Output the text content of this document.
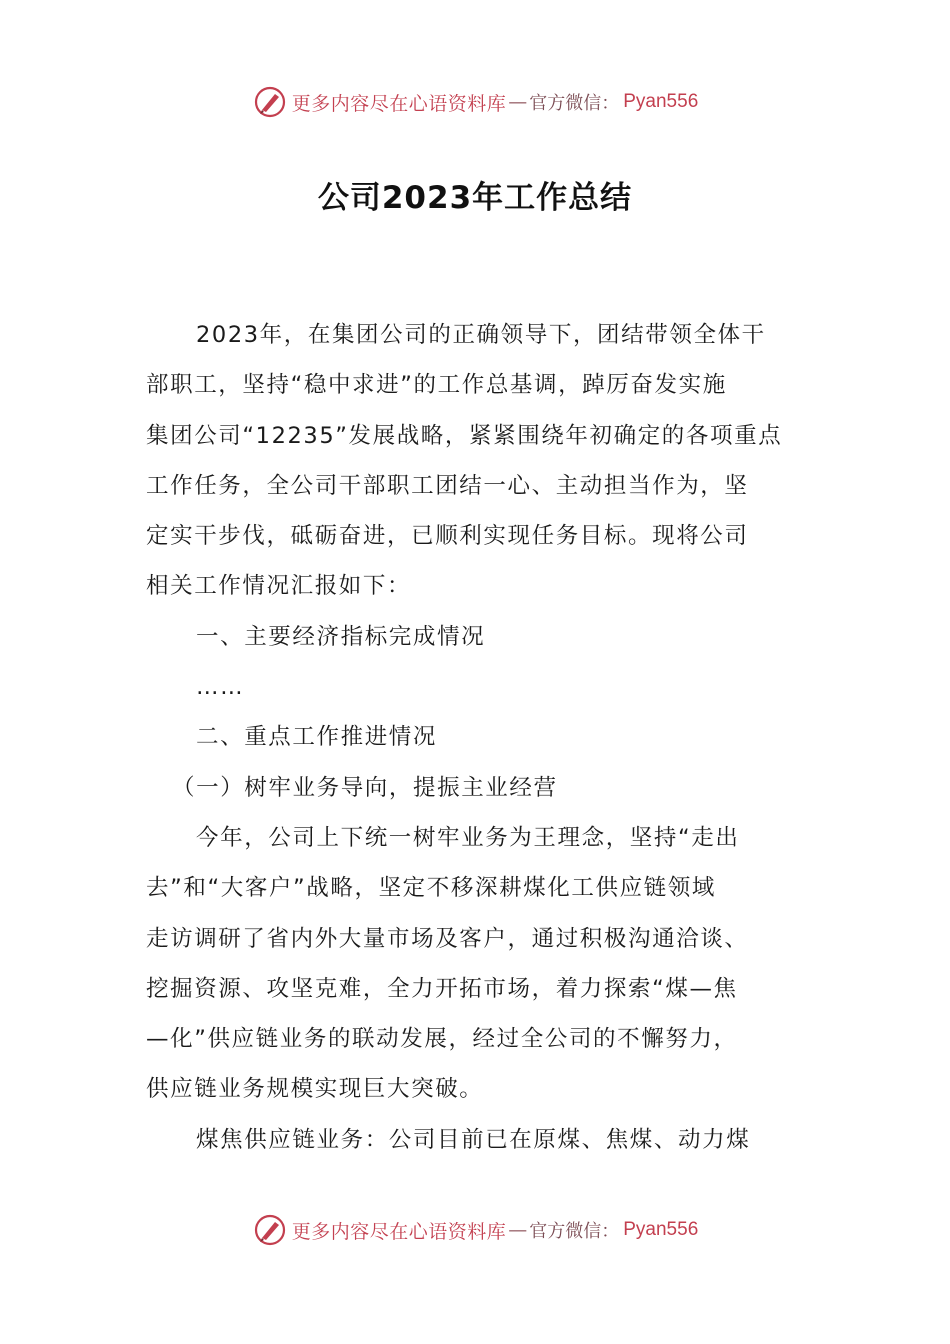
更多内容尽在心语资料库 — 官方微信： Pyan556
公司2023年工作总结

2023年，在集团公司的正确领导下，团结带领全体干
部职工，坚持“稳中求进”的工作总基调，踔厉奋发实施
集团公司“12235”发展战略，紧紧围绕年初确定的各项重点
工作任务，全公司干部职工团结一心、主动担当作为，坚
定实干步伐，砥砺奋进，已顺利实现任务目标。现将公司
相关工作情况汇报如下：

一、主要经济指标完成情况

……

二、重点工作推进情况

（一）树牢业务导向，提振主业经营

今年，公司上下统一树牢业务为王理念，坚持“走出
去”和“大客户”战略，坚定不移深耕煤化工供应链领域
走访调研了省内外大量市场及客户，通过积极沟通洽谈、
挖掘资源、攻坚克难，全力开拓市场，着力探索“煤—焦
—化”供应链业务的联动发展，经过全公司的不懈努力，
供应链业务规模实现巨大突破。

煤焦供应链业务：公司目前已在原煤、焦煤、动力煤

更多内容尽在心语资料库 — 官方微信： Pyan556
